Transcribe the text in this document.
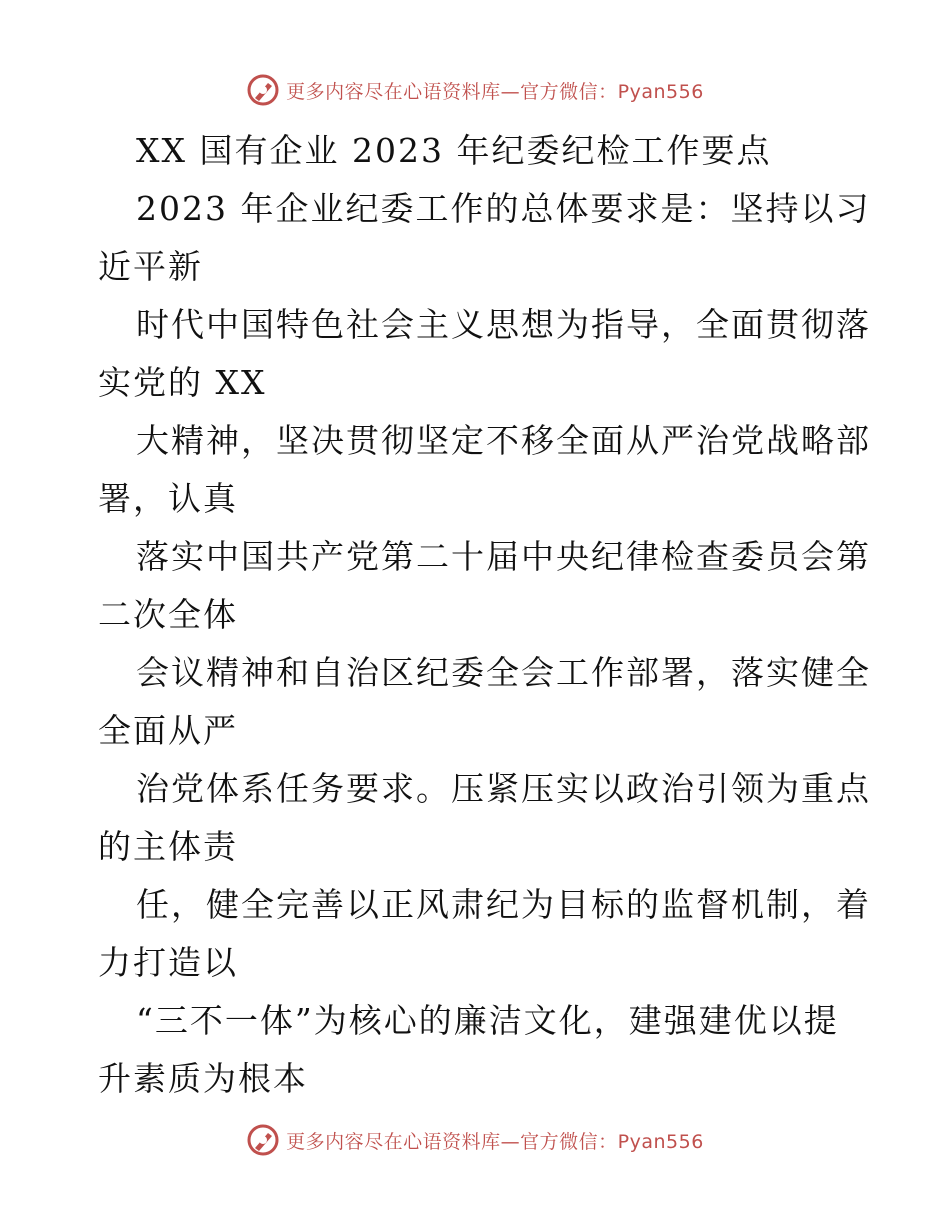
更多内容尽在心语资料库—官方微信：Pyan556
XX 国有企业 2023 年纪委纪检工作要点
2023 年企业纪委工作的总体要求是：坚持以习
近平新
时代中国特色社会主义思想为指导，全面贯彻落
实党的 XX
大精神，坚决贯彻坚定不移全面从严治党战略部
署，认真
落实中国共产党第二十届中央纪律检查委员会第
二次全体
会议精神和自治区纪委全会工作部署，落实健全
全面从严
治党体系任务要求。压紧压实以政治引领为重点
的主体责
任，健全完善以正风肃纪为目标的监督机制，着
力打造以
“三不一体”为核心的廉洁文化，建强建优以提
升素质为根本
更多内容尽在心语资料库—官方微信：Pyan556
